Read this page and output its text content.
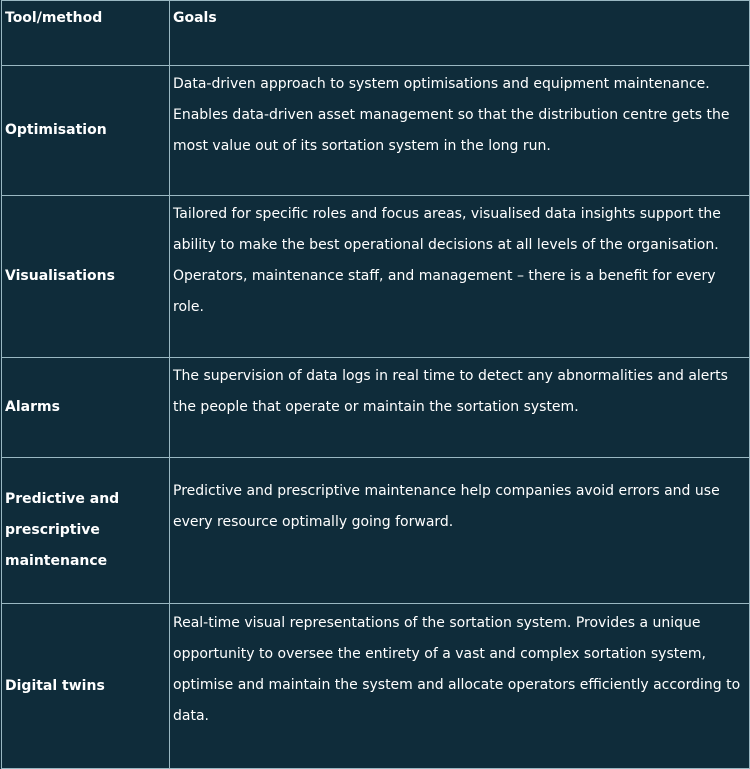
Tool/method	Goals
Optimisation	Data-driven approach to system optimisations and equipment maintenance. Enables data-driven asset management so that the distribution centre gets the most value out of its sortation system in the long run.
Visualisations	Tailored for specific roles and focus areas, visualised data insights support the ability to make the best operational decisions at all levels of the organisation. Operators, maintenance staff, and management – there is a benefit for every role.
Alarms	The supervision of data logs in real time to detect any abnormalities and alerts the people that operate or maintain the sortation system.
Predictive and prescriptive maintenance	Predictive and prescriptive maintenance help companies avoid errors and use every resource optimally going forward.
Digital twins	Real-time visual representations of the sortation system. Provides a unique opportunity to oversee the entirety of a vast and complex sortation system, optimise and maintain the system and allocate operators efficiently according to data.
